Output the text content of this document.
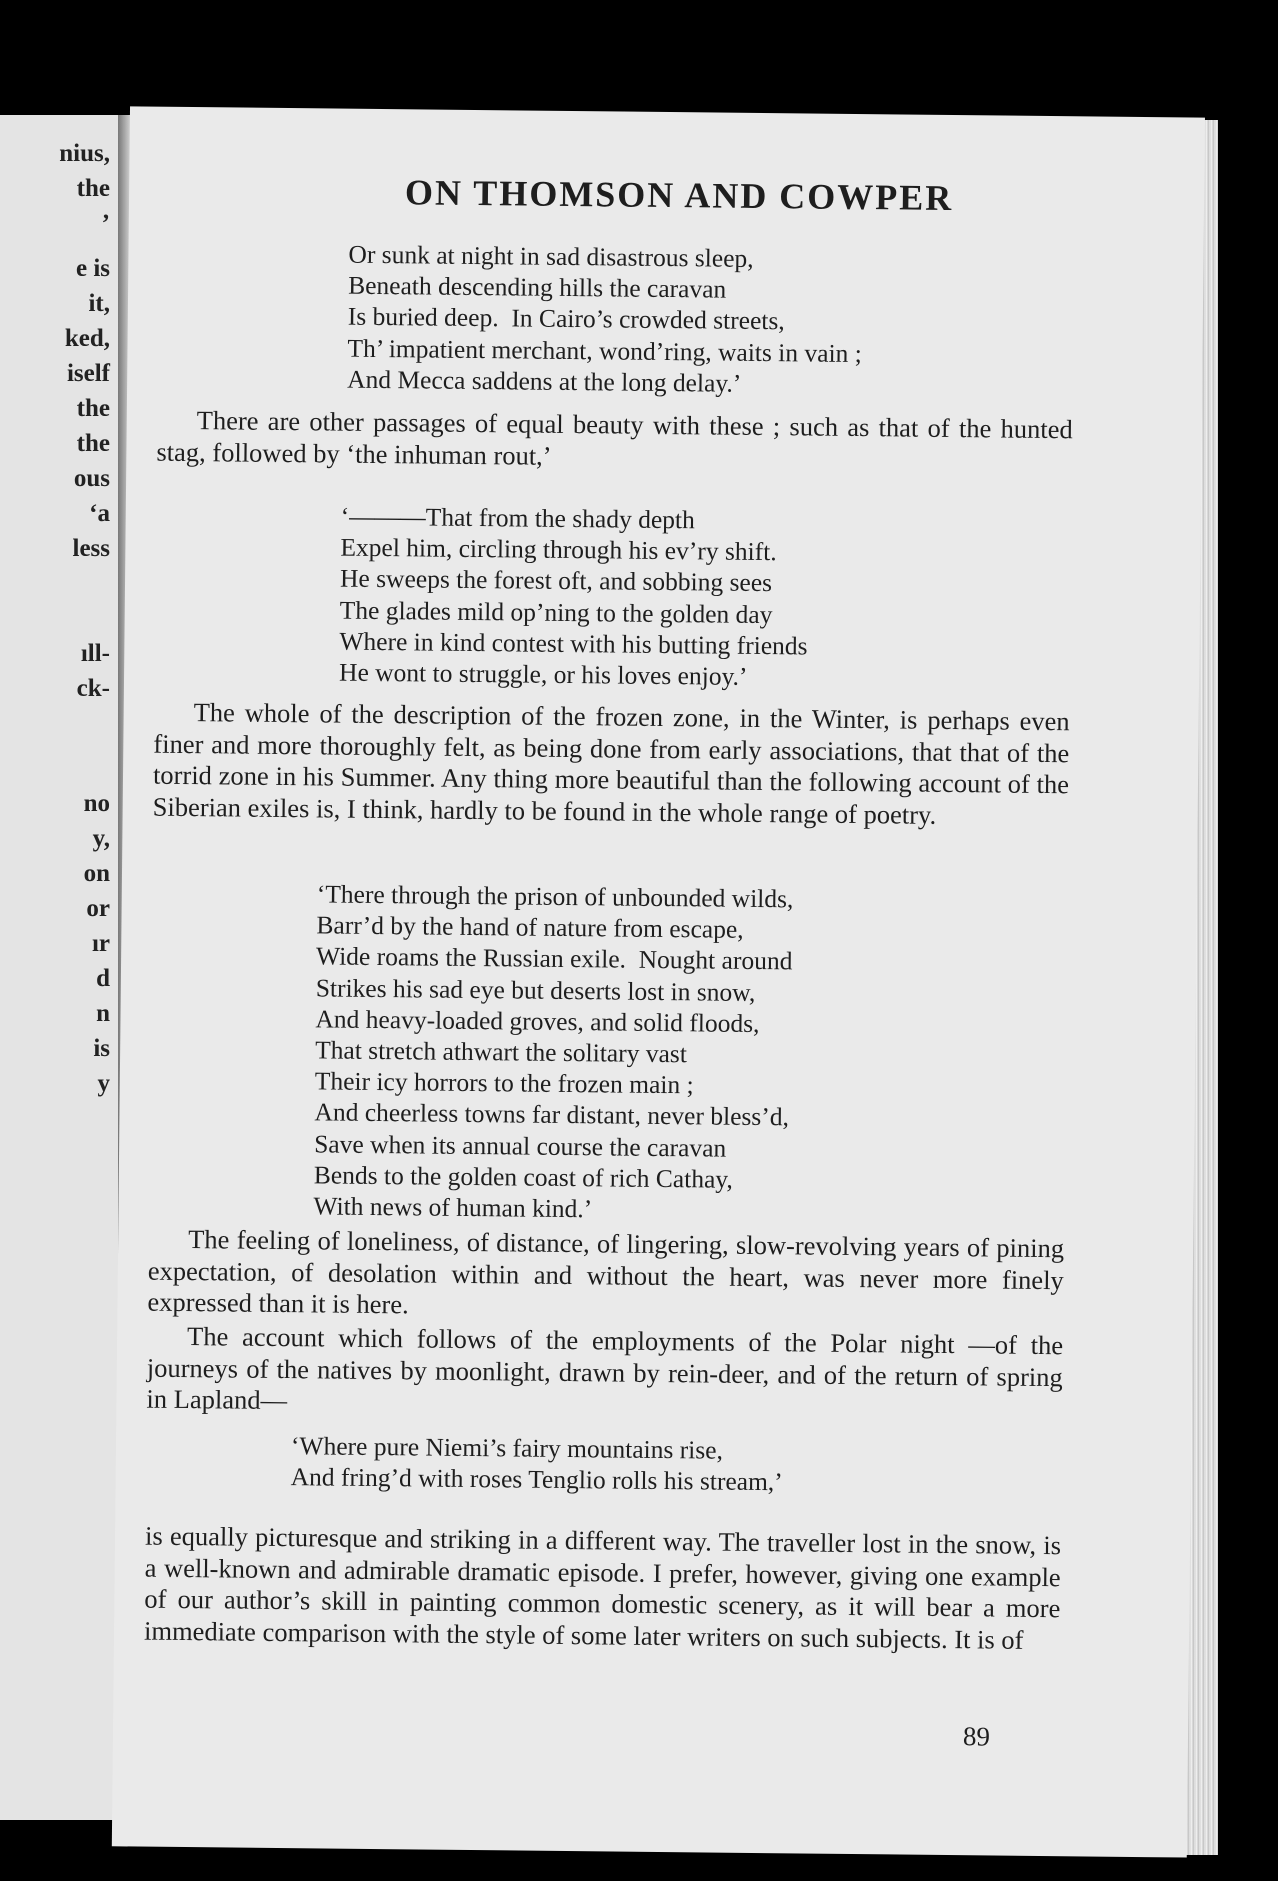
nius,
the
’
e is
it,
ked,
iself
the
the
ous
‘a
less
ıll-
ck-
no
y,
on
or
ır
d
n
is
y
ON THOMSON AND COWPER
Or sunk at night in sad disastrous sleep,
Beneath descending hills the caravan
Is buried deep.  In Cairo’s crowded streets,
Th’ impatient merchant, wond’ring, waits in vain ;
And Mecca saddens at the long delay.’
There are other passages of equal beauty with these ; such as that of the hunted stag, followed by ‘the inhuman rout,’
‘———That from the shady depth
Expel him, circling through his ev’ry shift.
He sweeps the forest oft, and sobbing sees
The glades mild op’ning to the golden day
Where in kind contest with his butting friends
He wont to struggle, or his loves enjoy.’
The whole of the description of the frozen zone, in the Winter, is perhaps even finer and more thoroughly felt, as being done from early associations, that that of the torrid zone in his Summer. Any thing more beautiful than the following account of the Siberian exiles is, I think, hardly to be found in the whole range of poetry.
‘There through the prison of unbounded wilds,
Barr’d by the hand of nature from escape,
Wide roams the Russian exile.  Nought around
Strikes his sad eye but deserts lost in snow,
And heavy-loaded groves, and solid floods,
That stretch athwart the solitary vast
Their icy horrors to the frozen main ;
And cheerless towns far distant, never bless’d,
Save when its annual course the caravan
Bends to the golden coast of rich Cathay,
With news of human kind.’
The feeling of loneliness, of distance, of lingering, slow-revolving years of pining expectation, of desolation within and without the heart, was never more finely expressed than it is here.
The account which follows of the employments of the Polar night —of the journeys of the natives by moonlight, drawn by rein-deer, and of the return of spring in Lapland—
‘Where pure Niemi’s fairy mountains rise,
And fring’d with roses Tenglio rolls his stream,’
is equally picturesque and striking in a different way. The traveller lost in the snow, is a well-known and admirable dramatic episode. I prefer, however, giving one example of our author’s skill in painting common domestic scenery, as it will bear a more immediate comparison with the style of some later writers on such subjects. It is of
89
